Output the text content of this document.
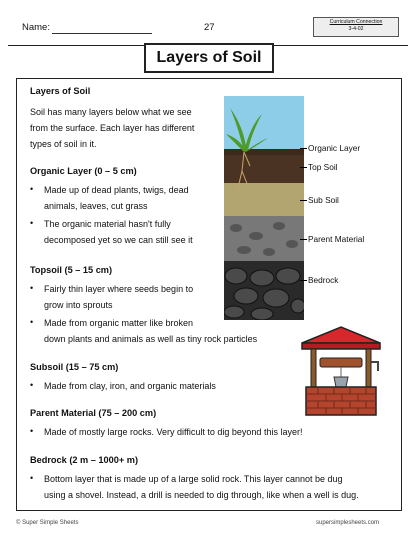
Name:	27	Curriculum Connection
3-4-02
Layers of Soil
Layers of Soil
Soil has many layers below what we see
from the surface. Each layer has different
types of soil in it.
Organic Layer (0 – 5 cm)
• Made up of dead plants, twigs, dead
animals, leaves, cut grass
• The organic material hasn't fully
decomposed yet so we can still see it
Topsoil (5 – 15 cm)
• Fairly thin layer where seeds begin to
grow into sprouts
• Made from organic matter like broken
down plants and animals as well as tiny rock particles
Subsoil (15 – 75 cm)
• Made from clay, iron, and organic materials
Parent Material (75 – 200 cm)
• Made of mostly large rocks. Very difficult to dig beyond this layer!
Bedrock (2 m – 1000+ m)
• Bottom layer that is made up of a large solid rock. This layer cannot be dug
using a shovel. Instead, a drill is needed to dig through, like when a well is dug.
Organic Layer
Top Soil
Sub Soil
Parent Material
Bedrock
© Super Simple Sheets	supersimplesheets.com
